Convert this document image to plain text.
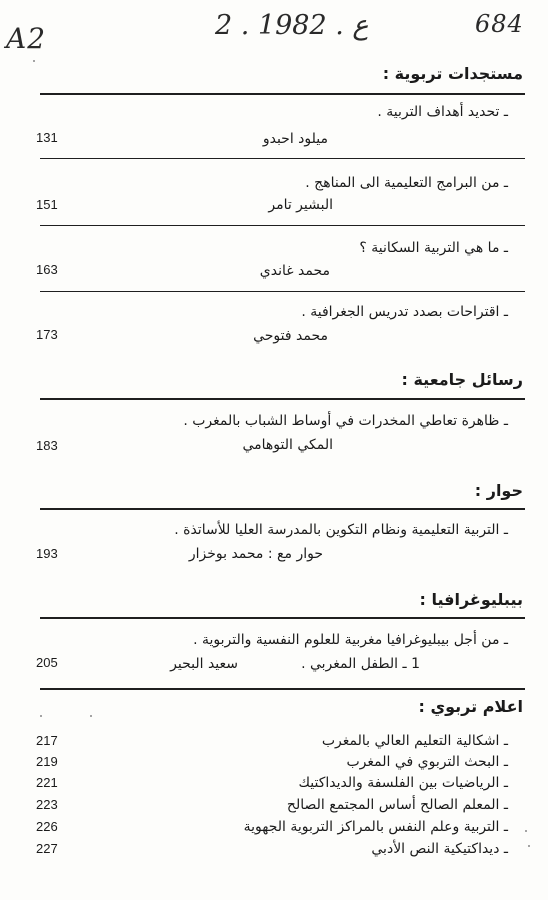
A2	2 . ع . 1982	684
مستجدات تربوية :
ـ تحديد أهداف التربية .
ميلود احبدو
131
ـ من البرامج التعليمية الى المناهج .
البشير تامر
151
ـ ما هي التربية السكانية ؟
محمد غاندي
163
ـ اقتراحات بصدد تدريس الجغرافية .
محمد فتوحي
173
رسائل جامعية :
ـ ظاهرة تعاطي المخدرات في أوساط الشباب بالمغرب .
المكي التوهامي
183
حوار :
ـ التربية التعليمية ونظام التكوين بالمدرسة العليا للأساتذة .
حوار مع : محمد بوخزار
193
بيبليوغرافيا :
ـ من أجل بيبليوغرافيا مغربية للعلوم النفسية والتربوية .
1 ـ الطفل المغربي .
سعيد البحير
205
اعلام تربوي :
ـ اشكالية التعليم العالي بالمغرب
217
ـ البحث التربوي في المغرب
219
ـ الرياضيات بين الفلسفة والديداكتيك
221
ـ المعلم الصالح أساس المجتمع الصالح
223
ـ التربية وعلم النفس بالمراكز التربوية الجهوية
226
ـ ديداكتيكية النص الأدبي
227
